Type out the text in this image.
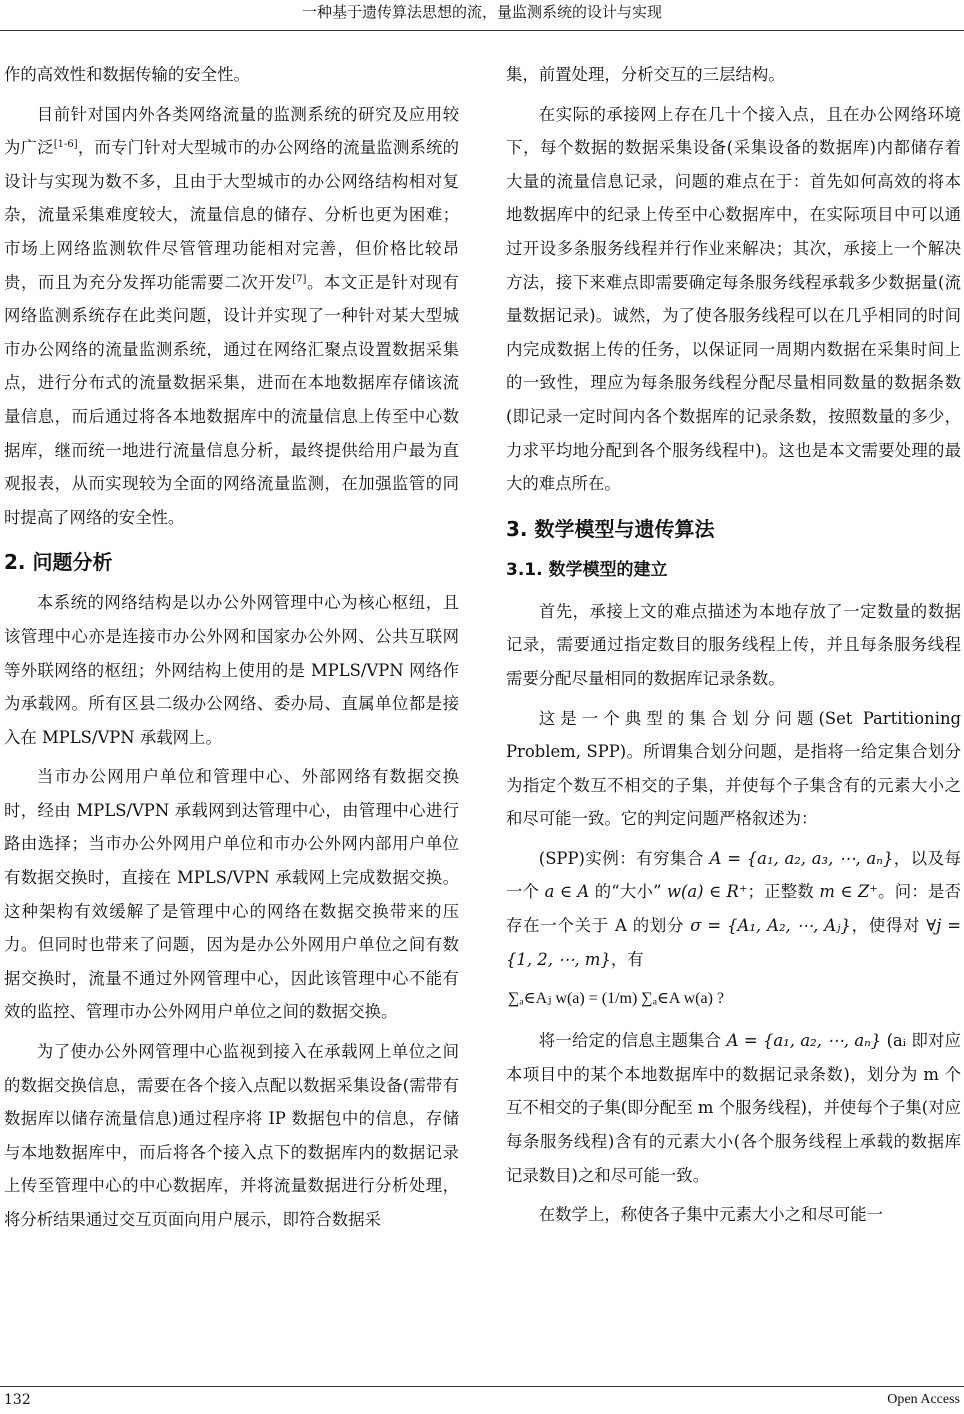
一种基于遗传算法思想的流，量监测系统的设计与实现

作的高效性和数据传输的安全性。

目前针对国内外各类网络流量的监测系统的研究及应用较为广泛[1-6]，而专门针对大型城市的办公网络的流量监测系统的设计与实现为数不多，且由于大型城市的办公网络结构相对复杂，流量采集难度较大，流量信息的储存、分析也更为困难；市场上网络监测软件尽管管理功能相对完善，但价格比较昂贵，而且为充分发挥功能需要二次开发[7]。本文正是针对现有网络监测系统存在此类问题，设计并实现了一种针对某大型城市办公网络的流量监测系统，通过在网络汇聚点设置数据采集点，进行分布式的流量数据采集，进而在本地数据库存储该流量信息，而后通过将各本地数据库中的流量信息上传至中心数据库，继而统一地进行流量信息分析，最终提供给用户最为直观报表，从而实现较为全面的网络流量监测，在加强监管的同时提高了网络的安全性。

2. 问题分析

本系统的网络结构是以办公外网管理中心为核心枢纽，且该管理中心亦是连接市办公外网和国家办公外网、公共互联网等外联网络的枢纽；外网结构上使用的是 MPLS/VPN 网络作为承载网。所有区县二级办公网络、委办局、直属单位都是接入在 MPLS/VPN 承载网上。

当市办公网用户单位和管理中心、外部网络有数据交换时，经由 MPLS/VPN 承载网到达管理中心，由管理中心进行路由选择；当市办公外网用户单位和市办公外网内部用户单位有数据交换时，直接在 MPLS/VPN 承载网上完成数据交换。这种架构有效缓解了是管理中心的网络在数据交换带来的压力。但同时也带来了问题，因为是办公外网用户单位之间有数据交换时，流量不通过外网管理中心，因此该管理中心不能有效的监控、管理市办公外网用户单位之间的数据交换。

为了使办公外网管理中心监视到接入在承载网上单位之间的数据交换信息，需要在各个接入点配以数据采集设备(需带有数据库以储存流量信息)通过程序将 IP 数据包中的信息，存储与本地数据库中，而后将各个接入点下的数据库内的数据记录上传至管理中心的中心数据库，并将流量数据进行分析处理，将分析结果通过交互页面向用户展示，即符合数据采

集，前置处理，分析交互的三层结构。

在实际的承接网上存在几十个接入点，且在办公网络环境下，每个数据的数据采集设备(采集设备的数据库)内都储存着大量的流量信息记录，问题的难点在于：首先如何高效的将本地数据库中的纪录上传至中心数据库中，在实际项目中可以通过开设多条服务线程并行作业来解决；其次，承接上一个解决方法，接下来难点即需要确定每条服务线程承载多少数据量(流量数据记录)。诚然，为了使各服务线程可以在几乎相同的时间内完成数据上传的任务，以保证同一周期内数据在采集时间上的一致性，理应为每条服务线程分配尽量相同数量的数据条数(即记录一定时间内各个数据库的记录条数，按照数量的多少，力求平均地分配到各个服务线程中)。这也是本文需要处理的最大的难点所在。

3. 数学模型与遗传算法
3.1. 数学模型的建立

首先，承接上文的难点描述为本地存放了一定数量的数据记录，需要通过指定数目的服务线程上传，并且每条服务线程需要分配尽量相同的数据库记录条数。

这是一个典型的集合划分问题(Set Partitioning Problem, SPP)。所谓集合划分问题，是指将一给定集合划分为指定个数互不相交的子集，并使每个子集含有的元素大小之和尽可能一致。它的判定问题严格叙述为：

(SPP)实例：有穷集合 A = {a₁, a₂, a₃, ⋯, aₙ}，以及每一个 a ∈ A 的“大小” w(a) ∈ R⁺；正整数 m ∈ Z⁺。问：是否存在一个关于 A 的划分 σ = {A₁, A₂, ⋯, Aⱼ}，使得对 ∀j = {1, 2, ⋯, m}，有

∑ₐ∈Aⱼ w(a) = (1/m) ∑ₐ∈A w(a) ?

将一给定的信息主题集合 A = {a₁, a₂, ⋯, aₙ} (aᵢ 即对应本项目中的某个本地数据库中的数据记录条数)，划分为 m 个互不相交的子集(即分配至 m 个服务线程)，并使每个子集(对应每条服务线程)含有的元素大小(各个服务线程上承载的数据库记录数目)之和尽可能一致。

在数学上，称使各子集中元素大小之和尽可能一

132	Open Access
